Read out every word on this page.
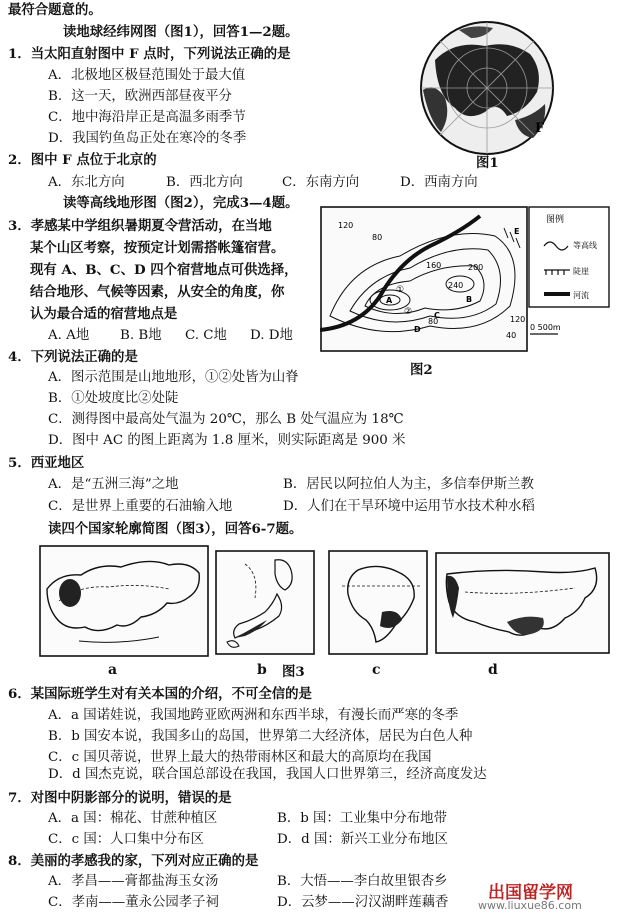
最符合题意的。
读地球经纬网图（图1），回答1—2题。
F
图1
1．当太阳直射图中 F 点时，下列说法正确的是
A．北极地区极昼范围处于最大值
B．这一天，欧洲西部昼夜平分
C．地中海沿岸正是高温多雨季节
D．我国钓鱼岛正处在寒冷的冬季
2．图中 F 点位于北京的
A．东北方向	B．西北方向	C．东南方向	D．西南方向
读等高线地形图（图2），完成3—4题。
3．孝感某中学组织暑期夏令营活动，在当地
某个山区考察，按预定计划需搭帐篷宿营。
现有 A、B、C、D 四个宿营地点可供选择，
结合地形、气候等因素，从安全的角度，你
认为最合适的宿营地点是
A. A地 B. B地 C. C地 D. D地
120
80
160	200
240
80	120
40
A	B
C
D
E
①
②
图例
等高线
陡崖
河流
0 500m
图2
4．下列说法正确的是
A．图示范围是山地地形，①②处皆为山脊
B．①处坡度比②处陡
C．测得图中最高处气温为 20℃，那么 B 处气温应为 18℃
D．图中 AC 的图上距离为 1.8 厘米，则实际距离是 900 米
5．西亚地区
A．是“五洲三海”之地	B．居民以阿拉伯人为主，多信奉伊斯兰教
C．是世界上重要的石油输入地	D．人们在干旱环境中运用节水技术种水稻
读四个国家轮廓简图（图3），回答6-7题。
a	b	c	d
图3
6．某国际班学生对有关本国的介绍，不可全信的是
A．a 国诺娃说，我国地跨亚欧两洲和东西半球，有漫长而严寒的冬季
B．b 国安本说，我国多山的岛国，世界第二大经济体，居民为白色人种
C．c 国贝蒂说，世界上最大的热带雨林区和最大的高原均在我国
D．d 国杰克说，联合国总部设在我国，我国人口世界第三，经济高度发达
7．对图中阴影部分的说明，错误的是
A．a 国：棉花、甘蔗种植区	B．b 国：工业集中分布地带
C．c 国：人口集中分布区	D．d 国：新兴工业分布地区
8．美丽的孝感我的家，下列对应正确的是
A．孝昌——膏都盐海玉女汤	B．大悟——李白故里银杏乡
C．孝南——董永公园孝子祠	D．云梦——汈汉湖畔莲藕香 出国留学网
www.liuxue86.com
